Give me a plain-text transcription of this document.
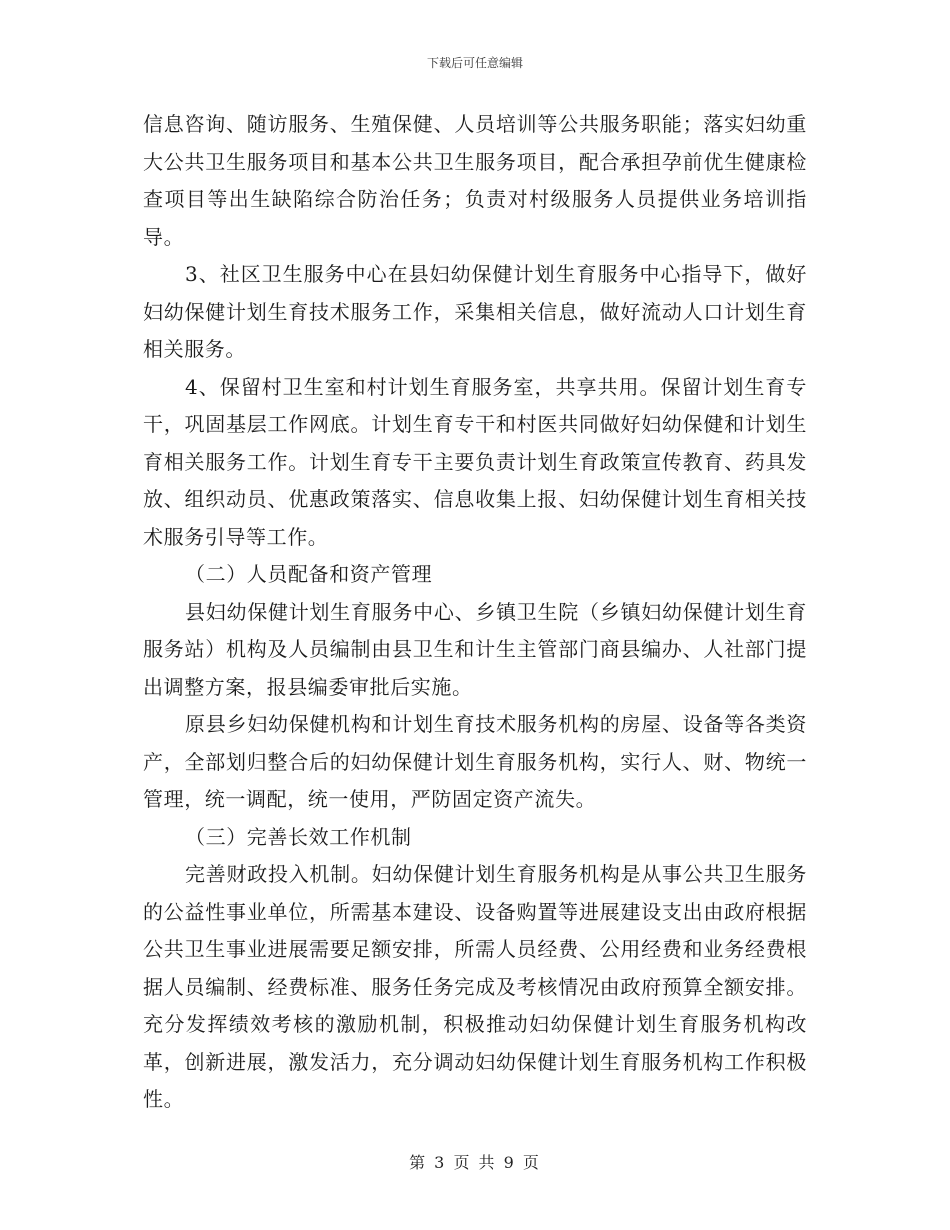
下载后可任意编辑

信息咨询、随访服务、生殖保健、人员培训等公共服务职能；落实妇幼重大公共卫生服务项目和基本公共卫生服务项目，配合承担孕前优生健康检查项目等出生缺陷综合防治任务；负责对村级服务人员提供业务培训指导。

3、社区卫生服务中心在县妇幼保健计划生育服务中心指导下，做好妇幼保健计划生育技术服务工作，采集相关信息，做好流动人口计划生育相关服务。

4、保留村卫生室和村计划生育服务室，共享共用。保留计划生育专干，巩固基层工作网底。计划生育专干和村医共同做好妇幼保健和计划生育相关服务工作。计划生育专干主要负责计划生育政策宣传教育、药具发放、组织动员、优惠政策落实、信息收集上报、妇幼保健计划生育相关技术服务引导等工作。

（二）人员配备和资产管理

县妇幼保健计划生育服务中心、乡镇卫生院（乡镇妇幼保健计划生育服务站）机构及人员编制由县卫生和计生主管部门商县编办、人社部门提出调整方案，报县编委审批后实施。

原县乡妇幼保健机构和计划生育技术服务机构的房屋、设备等各类资产，全部划归整合后的妇幼保健计划生育服务机构，实行人、财、物统一管理，统一调配，统一使用，严防固定资产流失。

（三）完善长效工作机制

完善财政投入机制。妇幼保健计划生育服务机构是从事公共卫生服务的公益性事业单位，所需基本建设、设备购置等进展建设支出由政府根据公共卫生事业进展需要足额安排，所需人员经费、公用经费和业务经费根据人员编制、经费标准、服务任务完成及考核情况由政府预算全额安排。充分发挥绩效考核的激励机制，积极推动妇幼保健计划生育服务机构改革，创新进展，激发活力，充分调动妇幼保健计划生育服务机构工作积极性。

第 3 页 共 9 页
